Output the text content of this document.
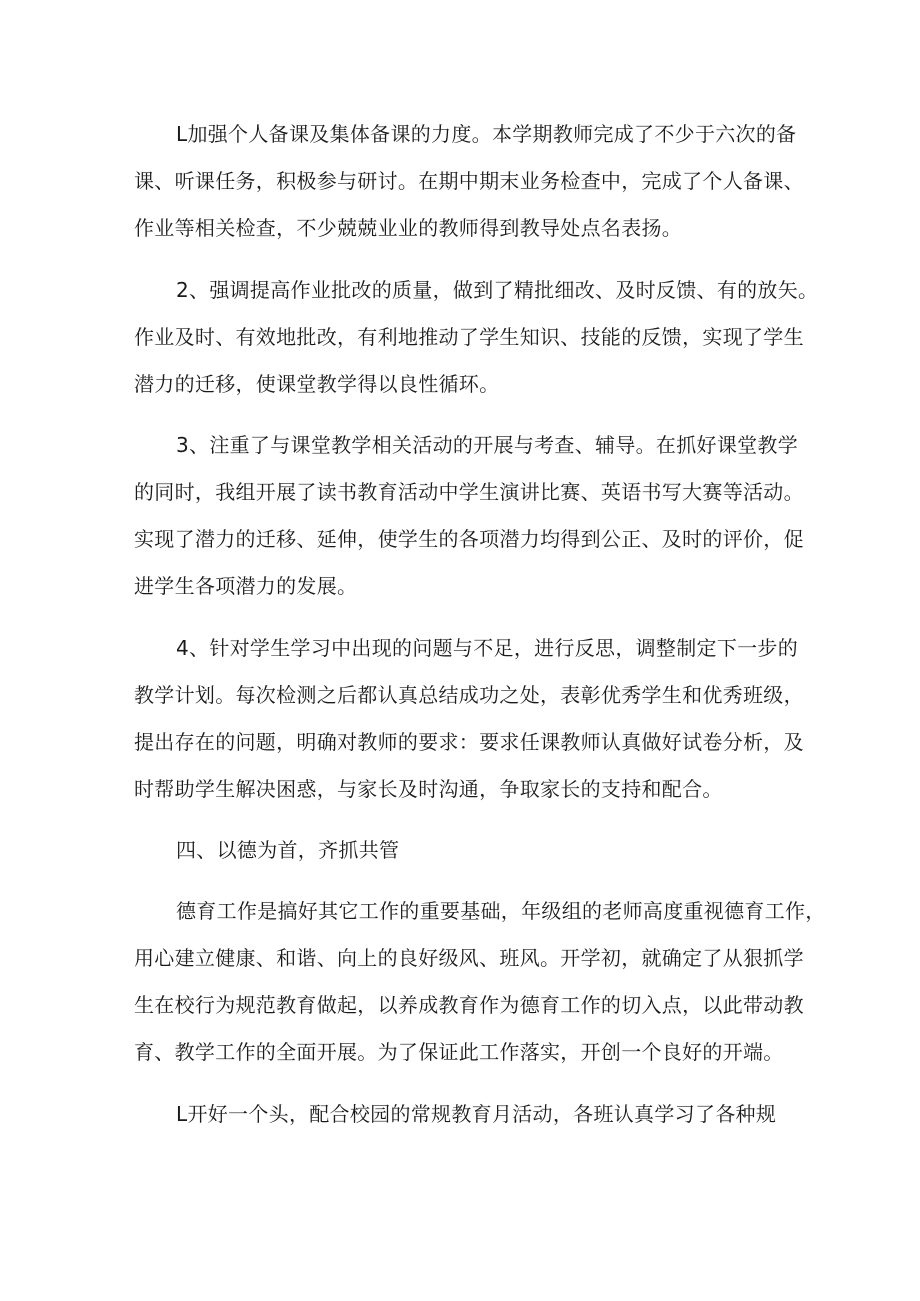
L加强个人备课及集体备课的力度。本学期教师完成了不少于六次的备
课、听课任务，积极参与研讨。在期中期末业务检查中，完成了个人备课、
作业等相关检查，不少兢兢业业的教师得到教导处点名表扬。
2、强调提高作业批改的质量，做到了精批细改、及时反馈、有的放矢。
作业及时、有效地批改，有利地推动了学生知识、技能的反馈，实现了学生
潜力的迁移，使课堂教学得以良性循环。
3、注重了与课堂教学相关活动的开展与考查、辅导。在抓好课堂教学
的同时，我组开展了读书教育活动中学生演讲比赛、英语书写大赛等活动。
实现了潜力的迁移、延伸，使学生的各项潜力均得到公正、及时的评价，促
进学生各项潜力的发展。
4、针对学生学习中出现的问题与不足，进行反思，调整制定下一步的
教学计划。每次检测之后都认真总结成功之处，表彰优秀学生和优秀班级，
提出存在的问题，明确对教师的要求：要求任课教师认真做好试卷分析，及
时帮助学生解决困惑，与家长及时沟通，争取家长的支持和配合。
四、以德为首，齐抓共管
德育工作是搞好其它工作的重要基础，年级组的老师高度重视德育工作，
用心建立健康、和谐、向上的良好级风、班风。开学初，就确定了从狠抓学
生在校行为规范教育做起，以养成教育作为德育工作的切入点，以此带动教
育、教学工作的全面开展。为了保证此工作落实，开创一个良好的开端。
L开好一个头，配合校园的常规教育月活动，各班认真学习了各种规
